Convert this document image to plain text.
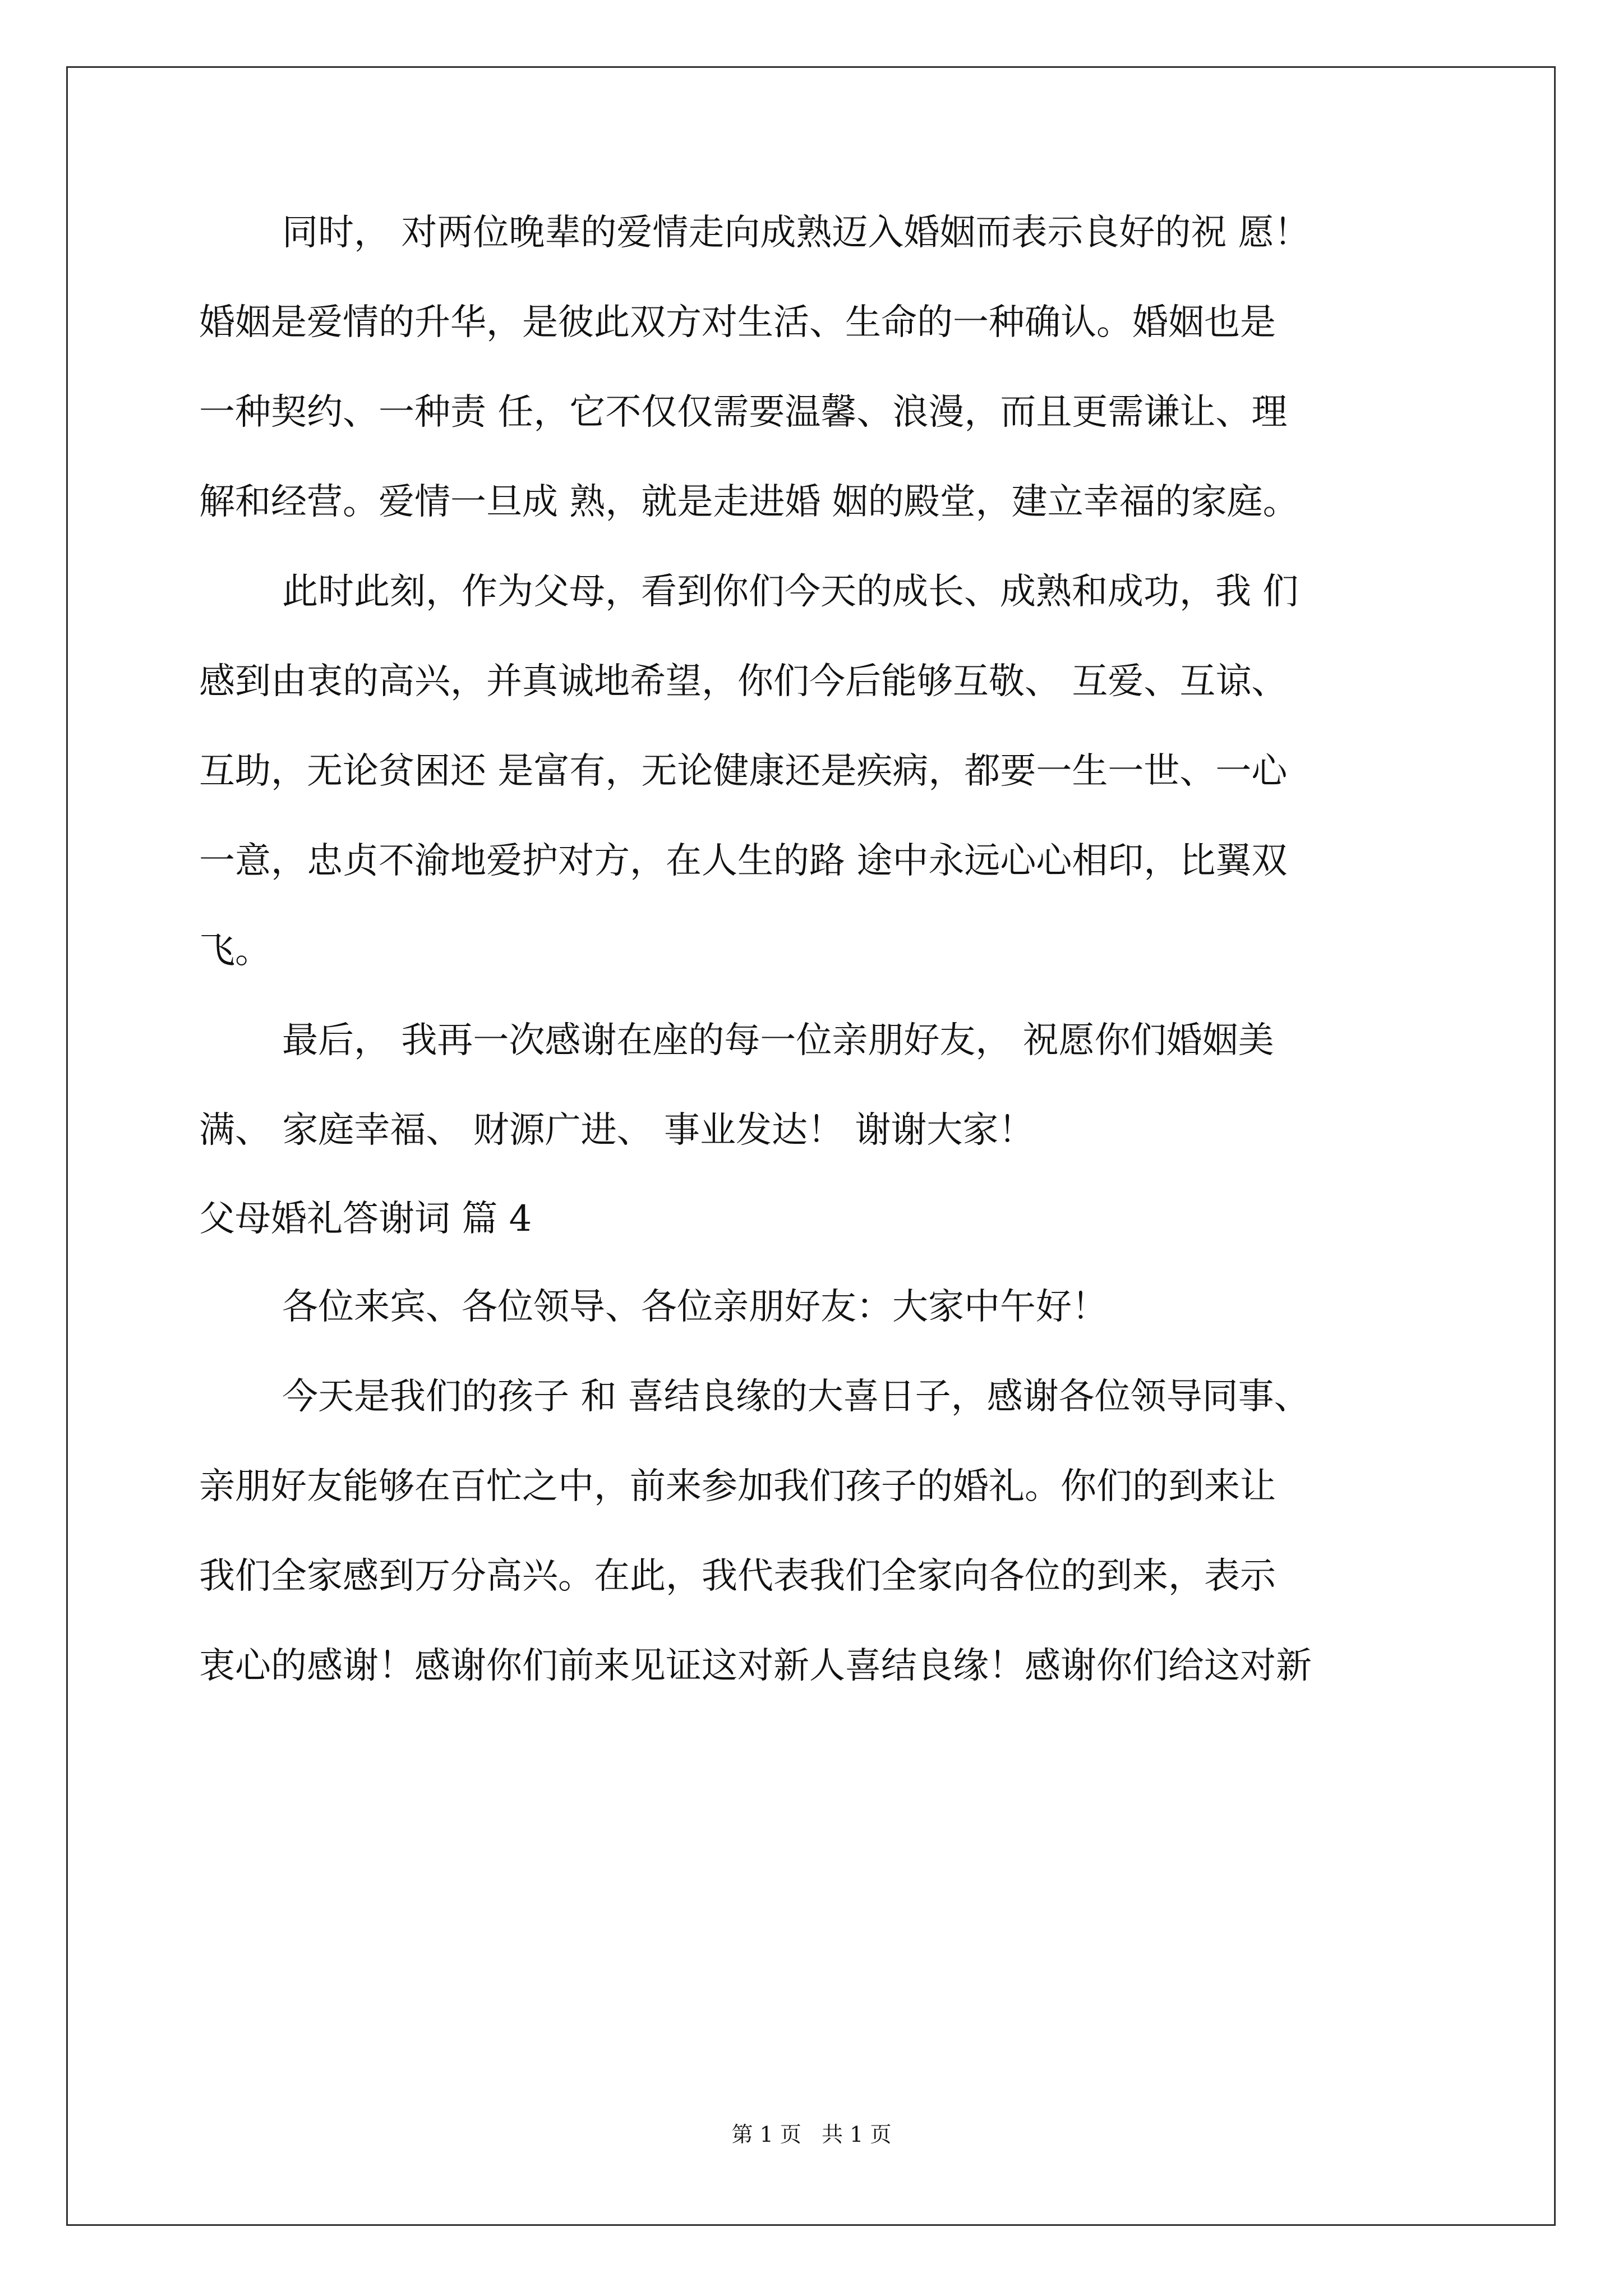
同时， 对两位晚辈的爱情走向成熟迈入婚姻而表示良好的祝 愿！
婚姻是爱情的升华，是彼此双方对生活、生命的一种确认。婚姻也是
一种契约、一种责 任，它不仅仅需要温馨、浪漫，而且更需谦让、理
解和经营。爱情一旦成 熟，就是走进婚 姻的殿堂，建立幸福的家庭。
此时此刻，作为父母，看到你们今天的成长、成熟和成功，我 们
感到由衷的高兴，并真诚地希望，你们今后能够互敬、 互爱、互谅、
互助，无论贫困还 是富有，无论健康还是疾病，都要一生一世、一心
一意，忠贞不渝地爱护对方，在人生的路 途中永远心心相印，比翼双
飞。
最后， 我再一次感谢在座的每一位亲朋好友， 祝愿你们婚姻美
满、 家庭幸福、 财源广进、 事业发达！ 谢谢大家！
父母婚礼答谢词 篇 4
各位来宾、各位领导、各位亲朋好友：大家中午好！
今天是我们的孩子 和 喜结良缘的大喜日子，感谢各位领导同事、
亲朋好友能够在百忙之中，前来参加我们孩子的婚礼。你们的到来让
我们全家感到万分高兴。在此，我代表我们全家向各位的到来，表示
衷心的感谢！感谢你们前来见证这对新人喜结良缘！感谢你们给这对新
第 1 页   共 1 页
